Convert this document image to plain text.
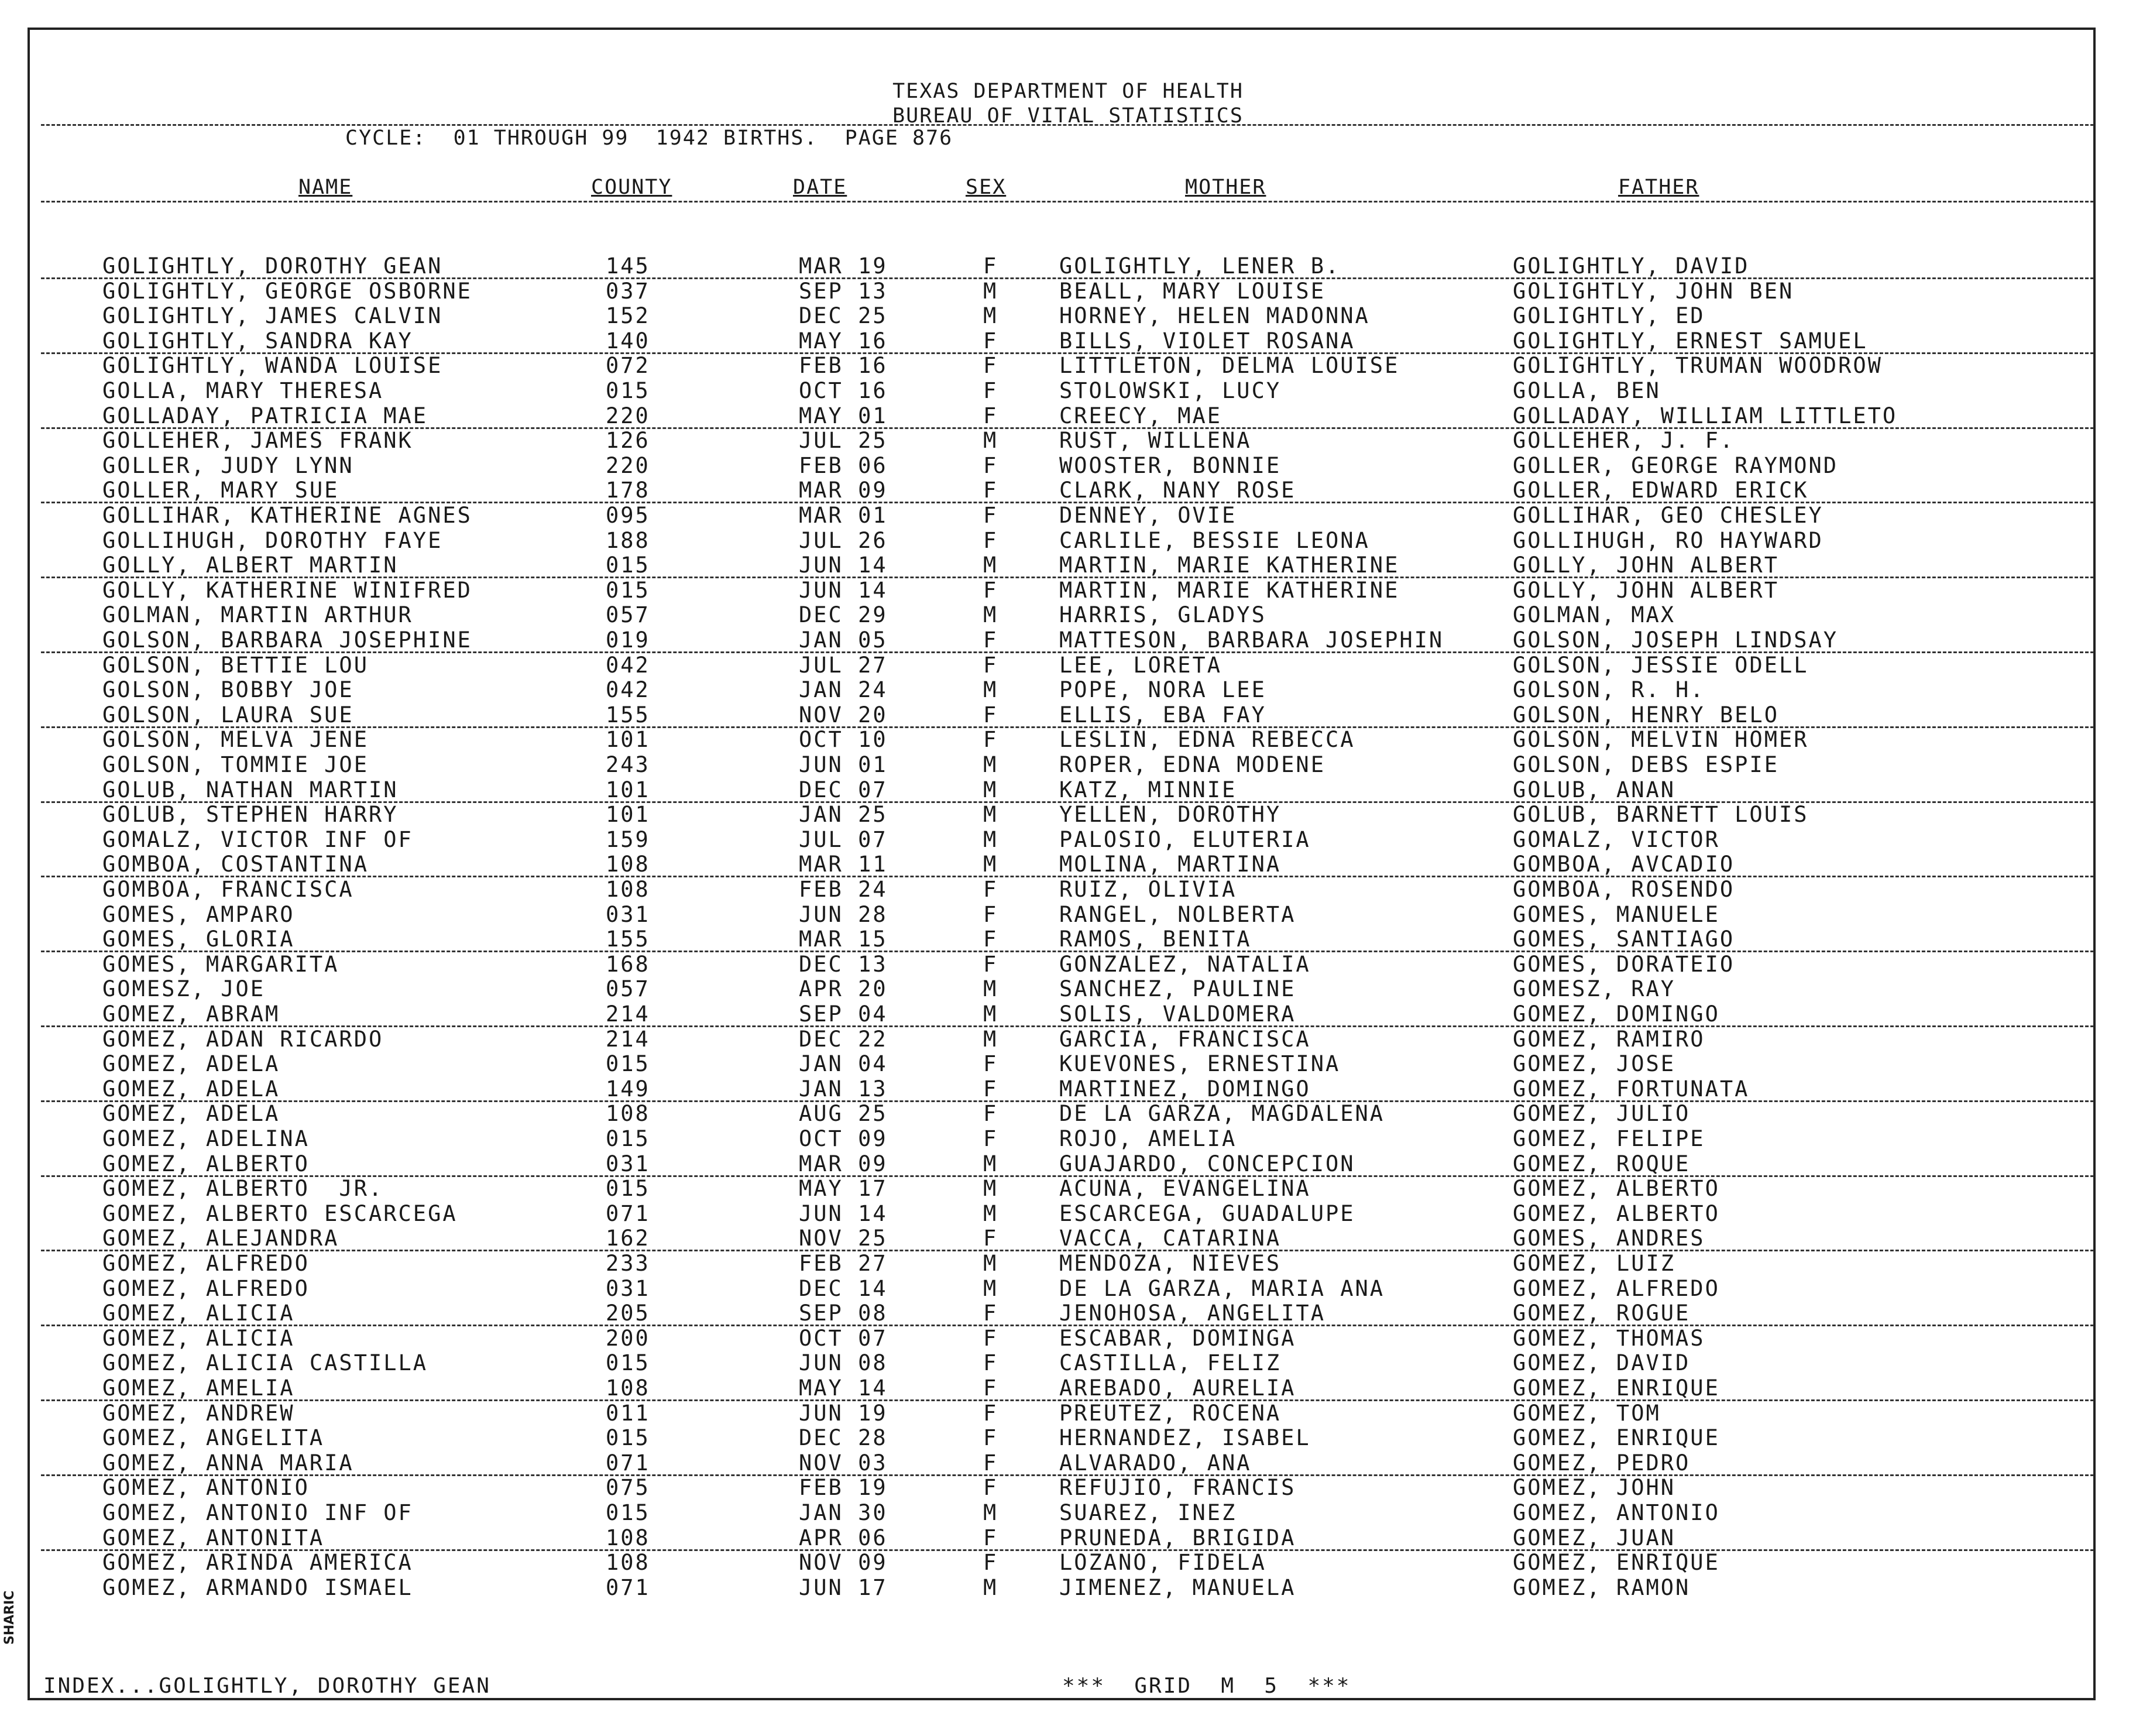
TEXAS DEPARTMENT OF HEALTH
BUREAU OF VITAL STATISTICS
CYCLE:  01 THROUGH 99  1942 BIRTHS.  PAGE 876
NAME	COUNTY	DATE	SEX	MOTHER	FATHER
GOLIGHTLY, DOROTHY GEAN	145	MAR 19	F	GOLIGHTLY, LENER B.	GOLIGHTLY, DAVID
GOLIGHTLY, GEORGE OSBORNE	037	SEP 13	M	BEALL, MARY LOUISE	GOLIGHTLY, JOHN BEN
GOLIGHTLY, JAMES CALVIN	152	DEC 25	M	HORNEY, HELEN MADONNA	GOLIGHTLY, ED
GOLIGHTLY, SANDRA KAY	140	MAY 16	F	BILLS, VIOLET ROSANA	GOLIGHTLY, ERNEST SAMUEL
GOLIGHTLY, WANDA LOUISE	072	FEB 16	F	LITTLETON, DELMA LOUISE	GOLIGHTLY, TRUMAN WOODROW
GOLLA, MARY THERESA	015	OCT 16	F	STOLOWSKI, LUCY	GOLLA, BEN
GOLLADAY, PATRICIA MAE	220	MAY 01	F	CREECY, MAE	GOLLADAY, WILLIAM LITTLETO
GOLLEHER, JAMES FRANK	126	JUL 25	M	RUST, WILLENA	GOLLEHER, J. F.
GOLLER, JUDY LYNN	220	FEB 06	F	WOOSTER, BONNIE	GOLLER, GEORGE RAYMOND
GOLLER, MARY SUE	178	MAR 09	F	CLARK, NANY ROSE	GOLLER, EDWARD ERICK
GOLLIHAR, KATHERINE AGNES	095	MAR 01	F	DENNEY, OVIE	GOLLIHAR, GEO CHESLEY
GOLLIHUGH, DOROTHY FAYE	188	JUL 26	F	CARLILE, BESSIE LEONA	GOLLIHUGH, RO HAYWARD
GOLLY, ALBERT MARTIN	015	JUN 14	M	MARTIN, MARIE KATHERINE	GOLLY, JOHN ALBERT
GOLLY, KATHERINE WINIFRED	015	JUN 14	F	MARTIN, MARIE KATHERINE	GOLLY, JOHN ALBERT
GOLMAN, MARTIN ARTHUR	057	DEC 29	M	HARRIS, GLADYS	GOLMAN, MAX
GOLSON, BARBARA JOSEPHINE	019	JAN 05	F	MATTESON, BARBARA JOSEPHIN	GOLSON, JOSEPH LINDSAY
GOLSON, BETTIE LOU	042	JUL 27	F	LEE, LORETA	GOLSON, JESSIE ODELL
GOLSON, BOBBY JOE	042	JAN 24	M	POPE, NORA LEE	GOLSON, R. H.
GOLSON, LAURA SUE	155	NOV 20	F	ELLIS, EBA FAY	GOLSON, HENRY BELO
GOLSON, MELVA JENE	101	OCT 10	F	LESLIN, EDNA REBECCA	GOLSON, MELVIN HOMER
GOLSON, TOMMIE JOE	243	JUN 01	M	ROPER, EDNA MODENE	GOLSON, DEBS ESPIE
GOLUB, NATHAN MARTIN	101	DEC 07	M	KATZ, MINNIE	GOLUB, ANAN
GOLUB, STEPHEN HARRY	101	JAN 25	M	YELLEN, DOROTHY	GOLUB, BARNETT LOUIS
GOMALZ, VICTOR INF OF	159	JUL 07	M	PALOSIO, ELUTERIA	GOMALZ, VICTOR
GOMBOA, COSTANTINA	108	MAR 11	M	MOLINA, MARTINA	GOMBOA, AVCADIO
GOMBOA, FRANCISCA	108	FEB 24	F	RUIZ, OLIVIA	GOMBOA, ROSENDO
GOMES, AMPARO	031	JUN 28	F	RANGEL, NOLBERTA	GOMES, MANUELE
GOMES, GLORIA	155	MAR 15	F	RAMOS, BENITA	GOMES, SANTIAGO
GOMES, MARGARITA	168	DEC 13	F	GONZALEZ, NATALIA	GOMES, DORATEIO
GOMESZ, JOE	057	APR 20	M	SANCHEZ, PAULINE	GOMESZ, RAY
GOMEZ, ABRAM	214	SEP 04	M	SOLIS, VALDOMERA	GOMEZ, DOMINGO
GOMEZ, ADAN RICARDO	214	DEC 22	M	GARCIA, FRANCISCA	GOMEZ, RAMIRO
GOMEZ, ADELA	015	JAN 04	F	KUEVONES, ERNESTINA	GOMEZ, JOSE
GOMEZ, ADELA	149	JAN 13	F	MARTINEZ, DOMINGO	GOMEZ, FORTUNATA
GOMEZ, ADELA	108	AUG 25	F	DE LA GARZA, MAGDALENA	GOMEZ, JULIO
GOMEZ, ADELINA	015	OCT 09	F	ROJO, AMELIA	GOMEZ, FELIPE
GOMEZ, ALBERTO	031	MAR 09	M	GUAJARDO, CONCEPCION	GOMEZ, ROQUE
GOMEZ, ALBERTO  JR.	015	MAY 17	M	ACUNA, EVANGELINA	GOMEZ, ALBERTO
GOMEZ, ALBERTO ESCARCEGA	071	JUN 14	M	ESCARCEGA, GUADALUPE	GOMEZ, ALBERTO
GOMEZ, ALEJANDRA	162	NOV 25	F	VACCA, CATARINA	GOMES, ANDRES
GOMEZ, ALFREDO	233	FEB 27	M	MENDOZA, NIEVES	GOMEZ, LUIZ
GOMEZ, ALFREDO	031	DEC 14	M	DE LA GARZA, MARIA ANA	GOMEZ, ALFREDO
GOMEZ, ALICIA	205	SEP 08	F	JENOHOSA, ANGELITA	GOMEZ, ROGUE
GOMEZ, ALICIA	200	OCT 07	F	ESCABAR, DOMINGA	GOMEZ, THOMAS
GOMEZ, ALICIA CASTILLA	015	JUN 08	F	CASTILLA, FELIZ	GOMEZ, DAVID
GOMEZ, AMELIA	108	MAY 14	F	AREBADO, AURELIA	GOMEZ, ENRIQUE
GOMEZ, ANDREW	011	JUN 19	F	PREUTEZ, ROCENA	GOMEZ, TOM
GOMEZ, ANGELITA	015	DEC 28	F	HERNANDEZ, ISABEL	GOMEZ, ENRIQUE
GOMEZ, ANNA MARIA	071	NOV 03	F	ALVARADO, ANA	GOMEZ, PEDRO
GOMEZ, ANTONIO	075	FEB 19	F	REFUJIO, FRANCIS	GOMEZ, JOHN
GOMEZ, ANTONIO INF OF	015	JAN 30	M	SUAREZ, INEZ	GOMEZ, ANTONIO
GOMEZ, ANTONITA	108	APR 06	F	PRUNEDA, BRIGIDA	GOMEZ, JUAN
GOMEZ, ARINDA AMERICA	108	NOV 09	F	LOZANO, FIDELA	GOMEZ, ENRIQUE
GOMEZ, ARMANDO ISMAEL	071	JUN 17	M	JIMENEZ, MANUELA	GOMEZ, RAMON
INDEX...GOLIGHTLY, DOROTHY GEAN	***  GRID  M  5  ***
SHARIC
